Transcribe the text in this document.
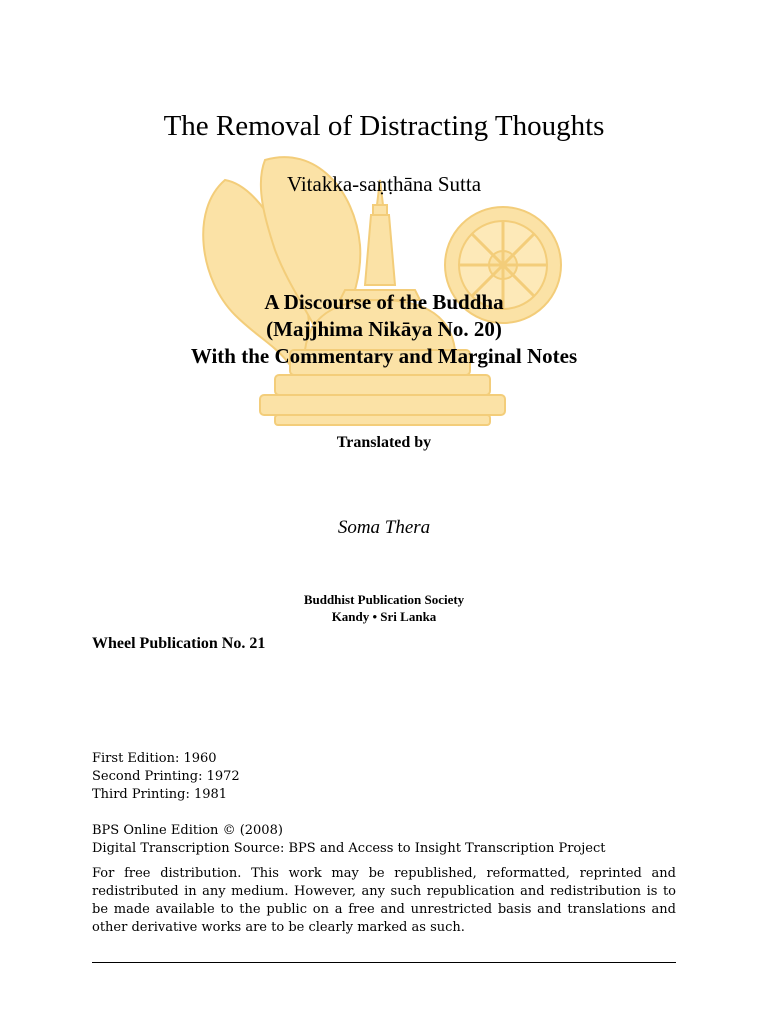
The Removal of Distracting Thoughts
Vitakka-saṇṭhāna Sutta
A Discourse of the Buddha
(Majjhima Nikāya No. 20)
With the Commentary and Marginal Notes
Translated by
Soma Thera
Buddhist Publication Society
Kandy • Sri Lanka
Wheel Publication No. 21
First Edition: 1960
Second Printing: 1972
Third Printing: 1981
BPS Online Edition © (2008)
Digital Transcription Source: BPS and Access to Insight Transcription Project
For free distribution. This work may be republished, reformatted, reprinted and redistributed in any medium. However, any such republication and redistribution is to be made available to the public on a free and unrestricted basis and translations and other derivative works are to be clearly marked as such.
